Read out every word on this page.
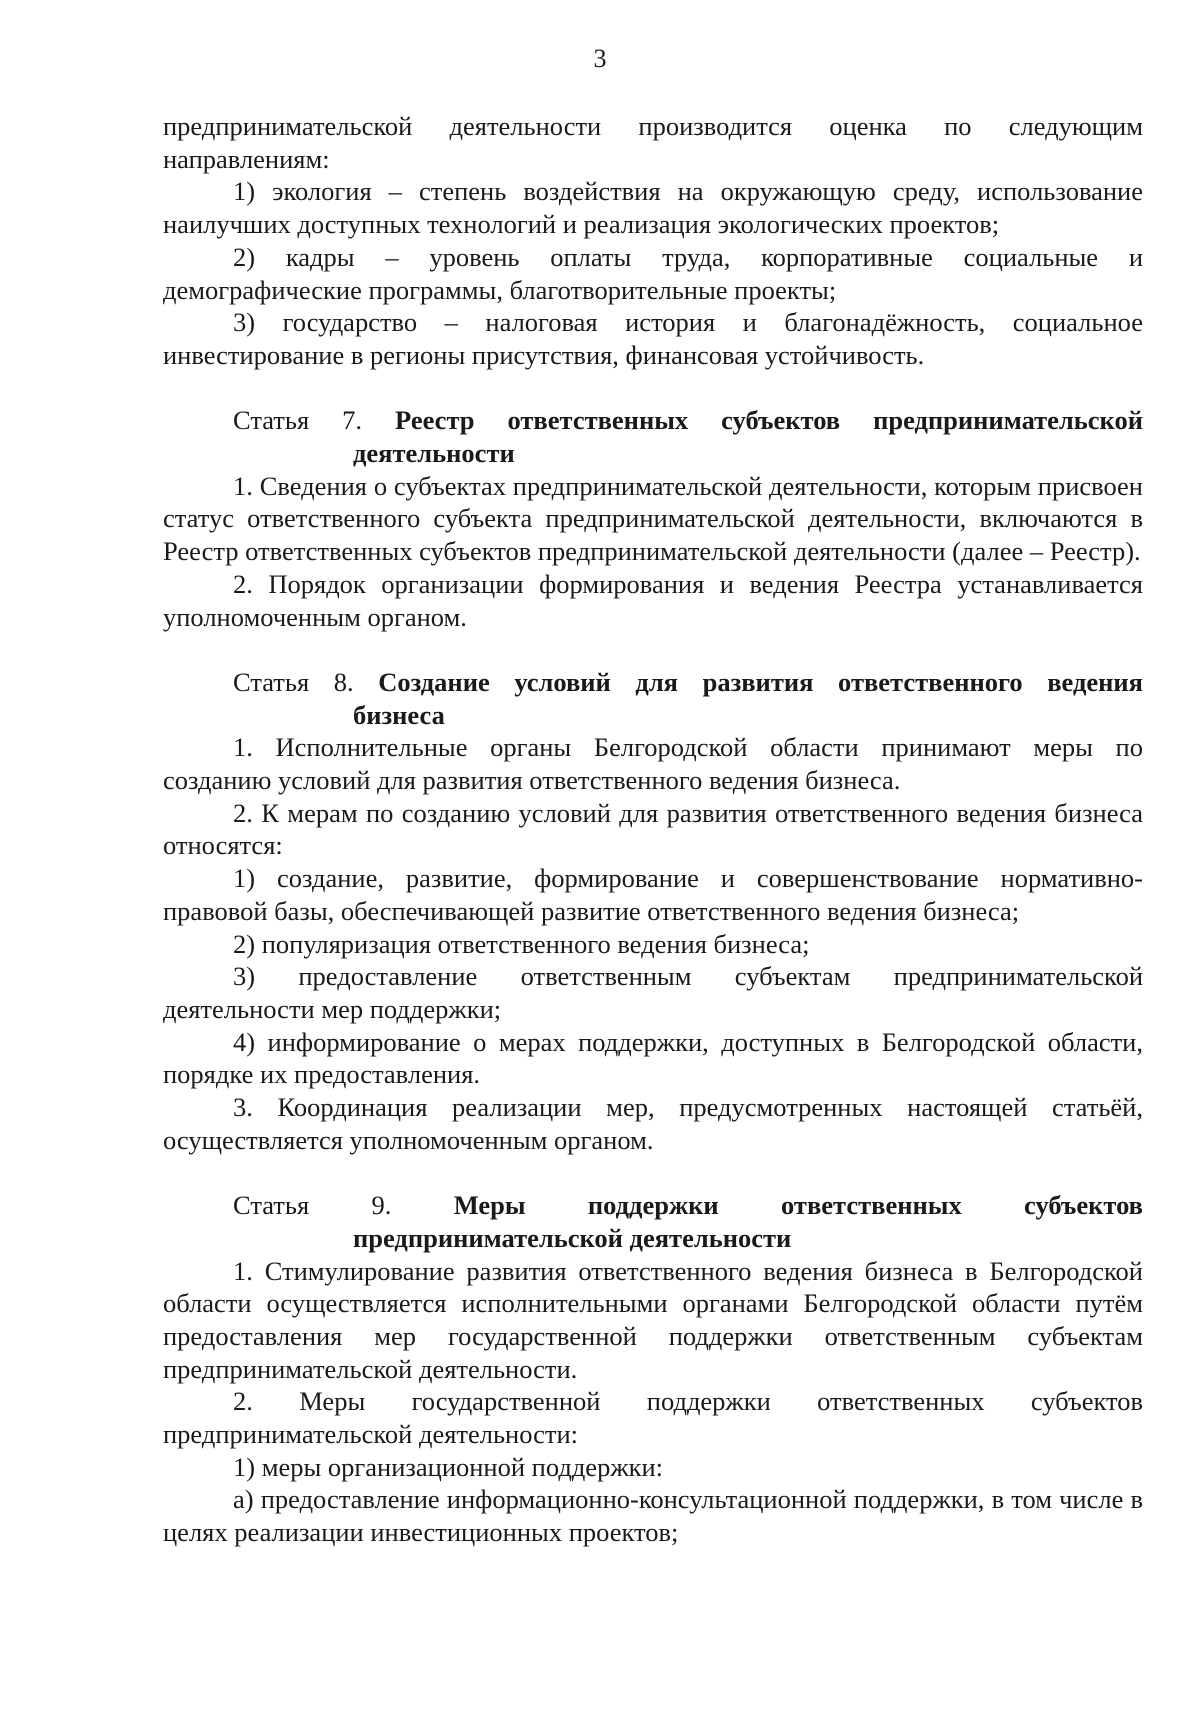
3

предпринимательской деятельности производится оценка по следующим направлениям:

1) экология – степень воздействия на окружающую среду, использование наилучших доступных технологий и реализация экологических проектов;

2) кадры – уровень оплаты труда, корпоративные социальные и демографические программы, благотворительные проекты;

3) государство – налоговая история и благонадёжность, социальное инвестирование в регионы присутствия, финансовая устойчивость.

Статья 7. Реестр ответственных субъектов предпринимательской
деятельности

1. Сведения о субъектах предпринимательской деятельности, которым присвоен статус ответственного субъекта предпринимательской деятельности, включаются в Реестр ответственных субъектов предпринимательской деятельности (далее – Реестр).

2. Порядок организации формирования и ведения Реестра устанавливается уполномоченным органом.

Статья 8. Создание условий для развития ответственного ведения
бизнеса

1. Исполнительные органы Белгородской области принимают меры по созданию условий для развития ответственного ведения бизнеса.

2. К мерам по созданию условий для развития ответственного ведения бизнеса относятся:

1) создание, развитие, формирование и совершенствование нормативно-правовой базы, обеспечивающей развитие ответственного ведения бизнеса;

2) популяризация ответственного ведения бизнеса;

3) предоставление ответственным субъектам предпринимательской деятельности мер поддержки;

4) информирование о мерах поддержки, доступных в Белгородской области, порядке их предоставления.

3. Координация реализации мер, предусмотренных настоящей статьёй, осуществляется уполномоченным органом.

Статья 9. Меры поддержки ответственных субъектов
предпринимательской деятельности

1. Стимулирование развития ответственного ведения бизнеса в Белгородской области осуществляется исполнительными органами Белгородской области путём предоставления мер государственной поддержки ответственным субъектам предпринимательской деятельности.

2. Меры государственной поддержки ответственных субъектов предпринимательской деятельности:

1) меры организационной поддержки:

а) предоставление информационно-консультационной поддержки, в том числе в целях реализации инвестиционных проектов;
